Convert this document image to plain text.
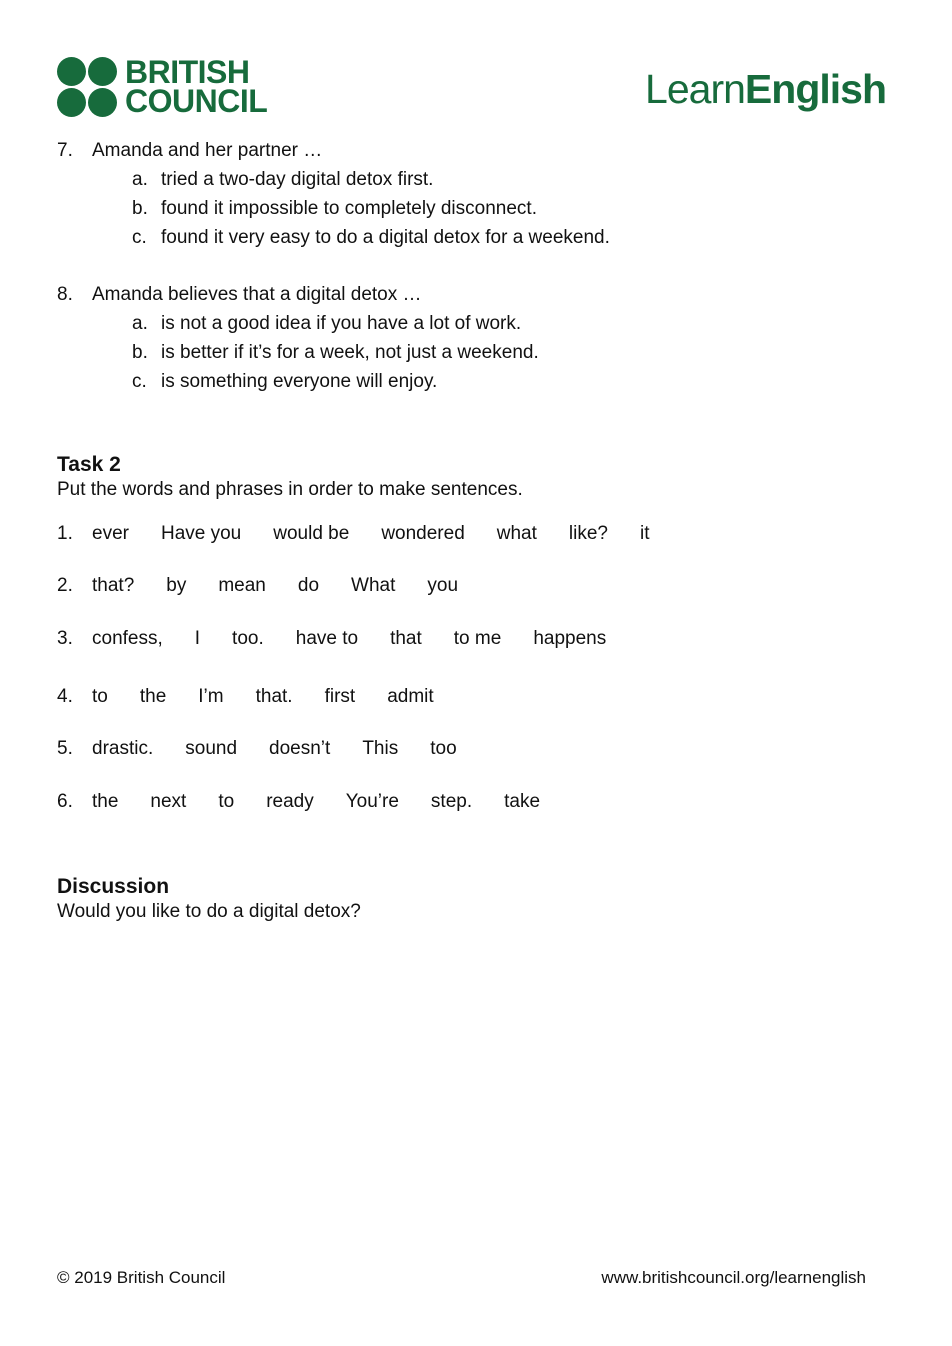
BRITISH
COUNCIL	LearnEnglish
7. Amanda and her partner …
a. tried a two-day digital detox first.
b. found it impossible to completely disconnect.
c. found it very easy to do a digital detox for a weekend.
8. Amanda believes that a digital detox …
a. is not a good idea if you have a lot of work.
b. is better if it’s for a week, not just a weekend.
c. is something everyone will enjoy.
Task 2
Put the words and phrases in order to make sentences.
1.	ever Have you would be wondered what like? it
2.	that? by mean do What you
3.	confess, I too. have to that to me happens
4.	to the I’m that. first admit
5.	drastic. sound doesn’t This too
6.	the next to ready You’re step. take
Discussion
Would you like to do a digital detox?
© 2019 British Council	www.britishcouncil.org/learnenglish
